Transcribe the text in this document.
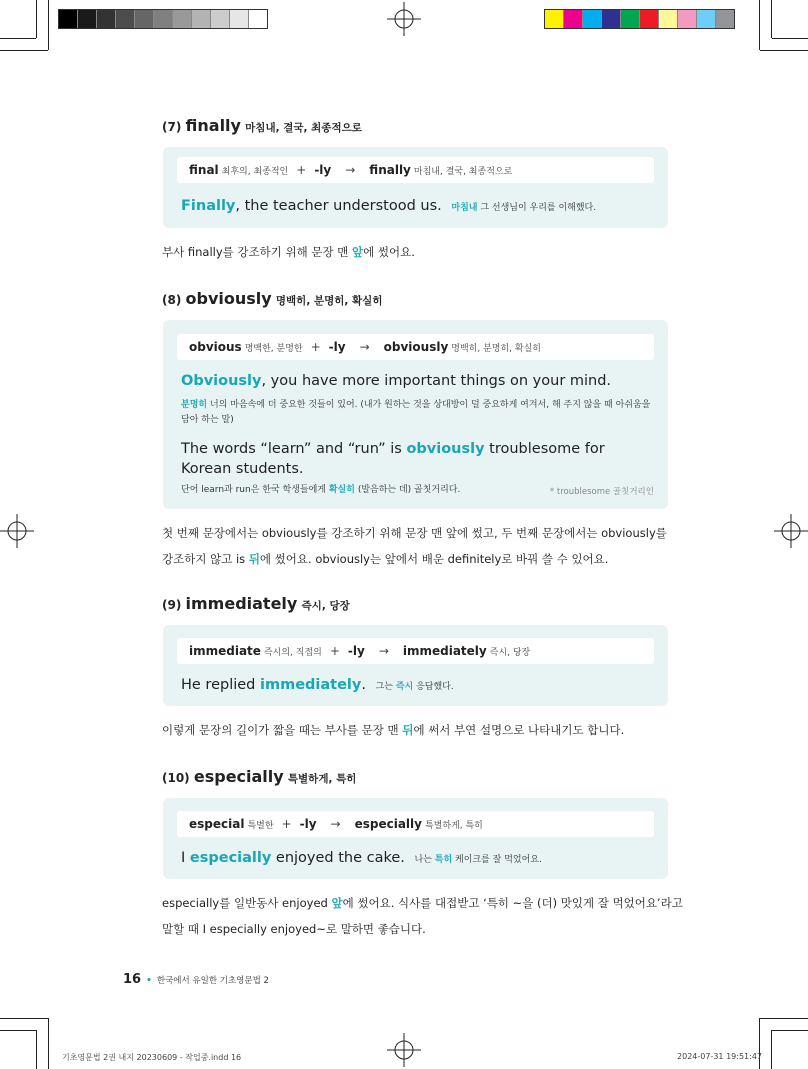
(7) finally 마침내, 결국, 최종적으로
final 최후의, 최종적인 + -ly → finally 마침내, 결국, 최종적으로
Finally, the teacher understood us. 마침내 그 선생님이 우리를 이해했다.
부사 finally를 강조하기 위해 문장 맨 앞에 썼어요.
(8) obviously 명백히, 분명히, 확실히
obvious 명백한, 분명한 + -ly → obviously 명백히, 분명히, 확실히
Obviously, you have more important things on your mind.
분명히 너의 마음속에 더 중요한 것들이 있어. (내가 원하는 것을 상대방이 덜 중요하게 여겨서, 해 주지 않을 때 아쉬움을
담아 하는 말)
The words “learn” and “run” is obviously troublesome for
Korean students.
단어 learn과 run은 한국 학생들에게 확실히 (발음하는 데) 골칫거리다.	* troublesome 골칫거리인
첫 번째 문장에서는 obviously를 강조하기 위해 문장 맨 앞에 썼고, 두 번째 문장에서는 obviously를
강조하지 않고 is 뒤에 썼어요. obviously는 앞에서 배운 definitely로 바꿔 쓸 수 있어요.
(9) immediately 즉시, 당장
immediate 즉시의, 직접의 + -ly → immediately 즉시, 당장
He replied immediately. 그는 즉시 응답했다.
이렇게 문장의 길이가 짧을 때는 부사를 문장 맨 뒤에 써서 부연 설명으로 나타내기도 합니다.
(10) especially 특별하게, 특히
especial 특별한 + -ly → especially 특별하게, 특히
I especially enjoyed the cake. 나는 특히 케이크를 잘 먹었어요.
especially를 일반동사 enjoyed 앞에 썼어요. 식사를 대접받고 ‘특히 ~을 (더) 맛있게 잘 먹었어요’라고
말할 때 I especially enjoyed~로 말하면 좋습니다.
16 • 한국에서 유일한 기초영문법 2
기초영문법 2권 내지 20230609 - 작업중.indd 16	2024-07-31 19:51:47
